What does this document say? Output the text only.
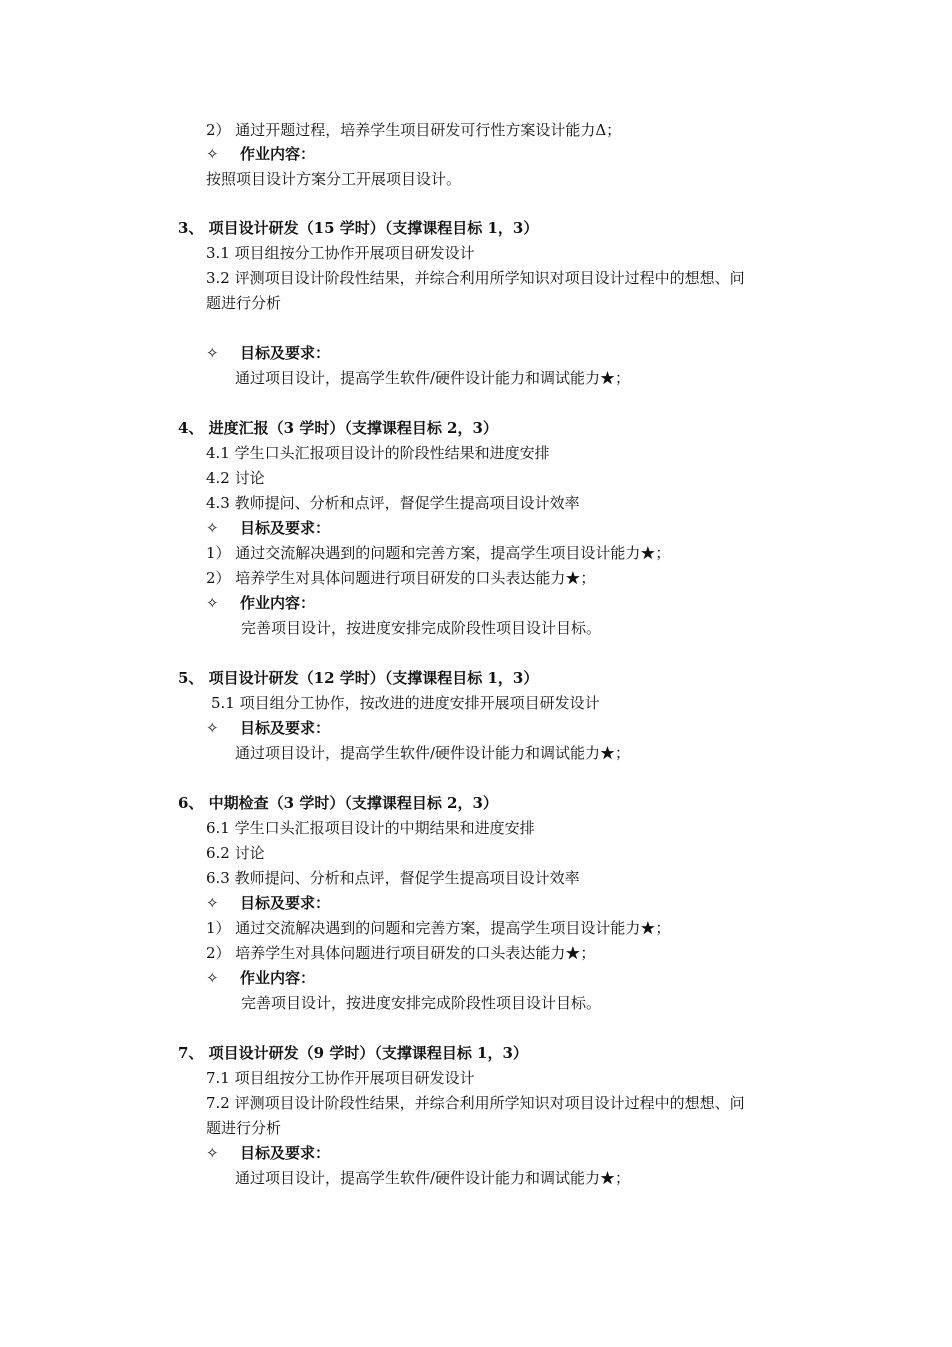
2） 通过开题过程，培养学生项目研发可行性方案设计能力Δ；
✧ 作业内容：
按照项目设计方案分工开展项目设计。
3、 项目设计研发（15 学时）（支撑课程目标 1，3）
3.1 项目组按分工协作开展项目研发设计
3.2 评测项目设计阶段性结果，并综合利用所学知识对项目设计过程中的想想、问
题进行分析
✧ 目标及要求：
通过项目设计，提高学生软件/硬件设计能力和调试能力★；
4、 进度汇报（3 学时）（支撑课程目标 2，3）
4.1 学生口头汇报项目设计的阶段性结果和进度安排
4.2 讨论
4.3 教师提问、分析和点评，督促学生提高项目设计效率
✧ 目标及要求：
1） 通过交流解决遇到的问题和完善方案，提高学生项目设计能力★；
2） 培养学生对具体问题进行项目研发的口头表达能力★；
✧ 作业内容：
完善项目设计，按进度安排完成阶段性项目设计目标。
5、 项目设计研发（12 学时）（支撑课程目标 1，3）
5.1 项目组分工协作，按改进的进度安排开展项目研发设计
✧ 目标及要求：
通过项目设计，提高学生软件/硬件设计能力和调试能力★；
6、 中期检查（3 学时）（支撑课程目标 2，3）
6.1 学生口头汇报项目设计的中期结果和进度安排
6.2 讨论
6.3 教师提问、分析和点评，督促学生提高项目设计效率
✧ 目标及要求：
1） 通过交流解决遇到的问题和完善方案，提高学生项目设计能力★；
2） 培养学生对具体问题进行项目研发的口头表达能力★；
✧ 作业内容：
完善项目设计，按进度安排完成阶段性项目设计目标。
7、 项目设计研发（9 学时）（支撑课程目标 1，3）
7.1 项目组按分工协作开展项目研发设计
7.2 评测项目设计阶段性结果，并综合利用所学知识对项目设计过程中的想想、问
题进行分析
✧ 目标及要求：
通过项目设计，提高学生软件/硬件设计能力和调试能力★；
